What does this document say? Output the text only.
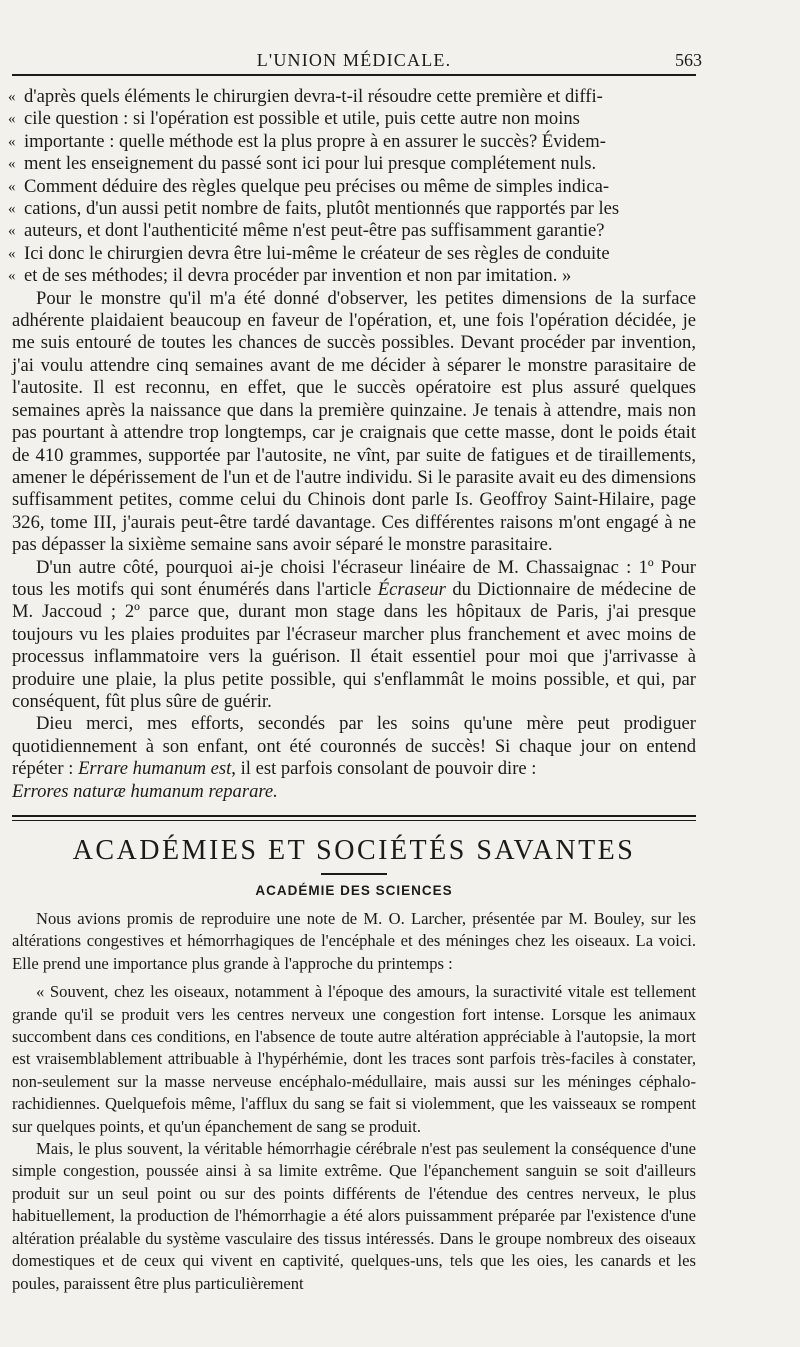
L'UNION MÉDICALE.	563

« d'après quels éléments le chirurgien devra-t-il résoudre cette première et diffi-

« cile question : si l'opération est possible et utile, puis cette autre non moins

« importante : quelle méthode est la plus propre à en assurer le succès? Évidem-

« ment les enseignement du passé sont ici pour lui presque complétement nuls.

« Comment déduire des règles quelque peu précises ou même de simples indica-

« cations, d'un aussi petit nombre de faits, plutôt mentionnés que rapportés par les

« auteurs, et dont l'authenticité même n'est peut-être pas suffisamment garantie?

« Ici donc le chirurgien devra être lui-même le créateur de ses règles de conduite

« et de ses méthodes; il devra procéder par invention et non par imitation. »

Pour le monstre qu'il m'a été donné d'observer, les petites dimensions de la surface adhérente plaidaient beaucoup en faveur de l'opération, et, une fois l'opération décidée, je me suis entouré de toutes les chances de succès possibles. Devant procéder par invention, j'ai voulu attendre cinq semaines avant de me décider à séparer le monstre parasitaire de l'autosite. Il est reconnu, en effet, que le succès opératoire est plus assuré quelques semaines après la naissance que dans la première quinzaine. Je tenais à attendre, mais non pas pourtant à attendre trop longtemps, car je craignais que cette masse, dont le poids était de 410 grammes, supportée par l'autosite, ne vînt, par suite de fatigues et de tiraillements, amener le dépérissement de l'un et de l'autre individu. Si le parasite avait eu des dimensions suffisamment petites, comme celui du Chinois dont parle Is. Geoffroy Saint-Hilaire, page 326, tome III, j'aurais peut-être tardé davantage. Ces différentes raisons m'ont engagé à ne pas dépasser la sixième semaine sans avoir séparé le monstre parasitaire.

D'un autre côté, pourquoi ai-je choisi l'écraseur linéaire de M. Chassaignac : 1º Pour tous les motifs qui sont énumérés dans l'article Écraseur du Dictionnaire de médecine de M. Jaccoud ; 2º parce que, durant mon stage dans les hôpitaux de Paris, j'ai presque toujours vu les plaies produites par l'écraseur marcher plus franchement et avec moins de processus inflammatoire vers la guérison. Il était essentiel pour moi que j'arrivasse à produire une plaie, la plus petite possible, qui s'enflammât le moins possible, et qui, par conséquent, fût plus sûre de guérir.

Dieu merci, mes efforts, secondés par les soins qu'une mère peut prodiguer quotidiennement à son enfant, ont été couronnés de succès! Si chaque jour on entend répéter : Errare humanum est, il est parfois consolant de pouvoir dire :
Errores naturæ humanum reparare.

ACADÉMIES ET SOCIÉTÉS SAVANTES
ACADÉMIE DES SCIENCES

Nous avions promis de reproduire une note de M. O. Larcher, présentée par M. Bouley, sur les altérations congestives et hémorrhagiques de l'encéphale et des méninges chez les oiseaux. La voici. Elle prend une importance plus grande à l'approche du printemps :

« Souvent, chez les oiseaux, notamment à l'époque des amours, la suractivité vitale est tellement grande qu'il se produit vers les centres nerveux une congestion fort intense. Lorsque les animaux succombent dans ces conditions, en l'absence de toute autre altération appréciable à l'autopsie, la mort est vraisemblablement attribuable à l'hypérhémie, dont les traces sont parfois très-faciles à constater, non-seulement sur la masse nerveuse encéphalo-médullaire, mais aussi sur les méninges céphalo-rachidiennes. Quelquefois même, l'afflux du sang se fait si violemment, que les vaisseaux se rompent sur quelques points, et qu'un épanchement de sang se produit.

Mais, le plus souvent, la véritable hémorrhagie cérébrale n'est pas seulement la conséquence d'une simple congestion, poussée ainsi à sa limite extrême. Que l'épanchement sanguin se soit d'ailleurs produit sur un seul point ou sur des points différents de l'étendue des centres nerveux, le plus habituellement, la production de l'hémorrhagie a été alors puissamment préparée par l'existence d'une altération préalable du système vasculaire des tissus intéressés. Dans le groupe nombreux des oiseaux domestiques et de ceux qui vivent en captivité, quelques-uns, tels que les oies, les canards et les poules, paraissent être plus particulièrement
